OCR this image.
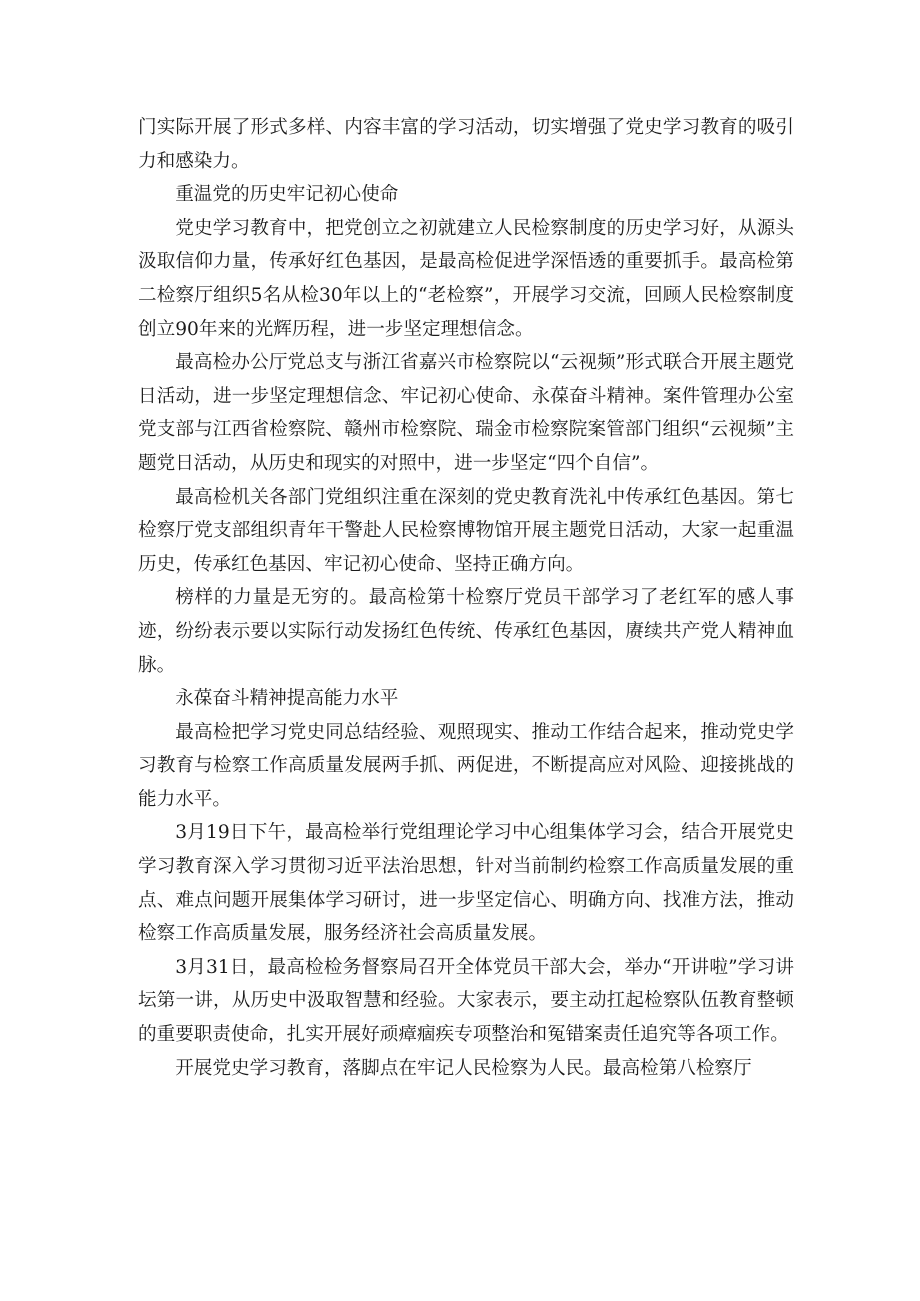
门实际开展了形式多样、内容丰富的学习活动，切实增强了党史学习教育的吸引力和感染力。

重温党的历史牢记初心使命

党史学习教育中，把党创立之初就建立人民检察制度的历史学习好，从源头汲取信仰力量，传承好红色基因，是最高检促进学深悟透的重要抓手。最高检第二检察厅组织5名从检30年以上的“老检察”，开展学习交流，回顾人民检察制度创立90年来的光辉历程，进一步坚定理想信念。

最高检办公厅党总支与浙江省嘉兴市检察院以“云视频”形式联合开展主题党日活动，进一步坚定理想信念、牢记初心使命、永葆奋斗精神。案件管理办公室党支部与江西省检察院、赣州市检察院、瑞金市检察院案管部门组织“云视频”主题党日活动，从历史和现实的对照中，进一步坚定“四个自信”。

最高检机关各部门党组织注重在深刻的党史教育洗礼中传承红色基因。第七检察厅党支部组织青年干警赴人民检察博物馆开展主题党日活动，大家一起重温历史，传承红色基因、牢记初心使命、坚持正确方向。

榜样的力量是无穷的。最高检第十检察厅党员干部学习了老红军的感人事迹，纷纷表示要以实际行动发扬红色传统、传承红色基因，赓续共产党人精神血脉。

永葆奋斗精神提高能力水平

最高检把学习党史同总结经验、观照现实、推动工作结合起来，推动党史学习教育与检察工作高质量发展两手抓、两促进，不断提高应对风险、迎接挑战的能力水平。

3月19日下午，最高检举行党组理论学习中心组集体学习会，结合开展党史学习教育深入学习贯彻习近平法治思想，针对当前制约检察工作高质量发展的重点、难点问题开展集体学习研讨，进一步坚定信心、明确方向、找准方法，推动检察工作高质量发展，服务经济社会高质量发展。

3月31日，最高检检务督察局召开全体党员干部大会，举办“开讲啦”学习讲坛第一讲，从历史中汲取智慧和经验。大家表示，要主动扛起检察队伍教育整顿的重要职责使命，扎实开展好顽瘴痼疾专项整治和冤错案责任追究等各项工作。

开展党史学习教育，落脚点在牢记人民检察为人民。最高检第八检察厅
